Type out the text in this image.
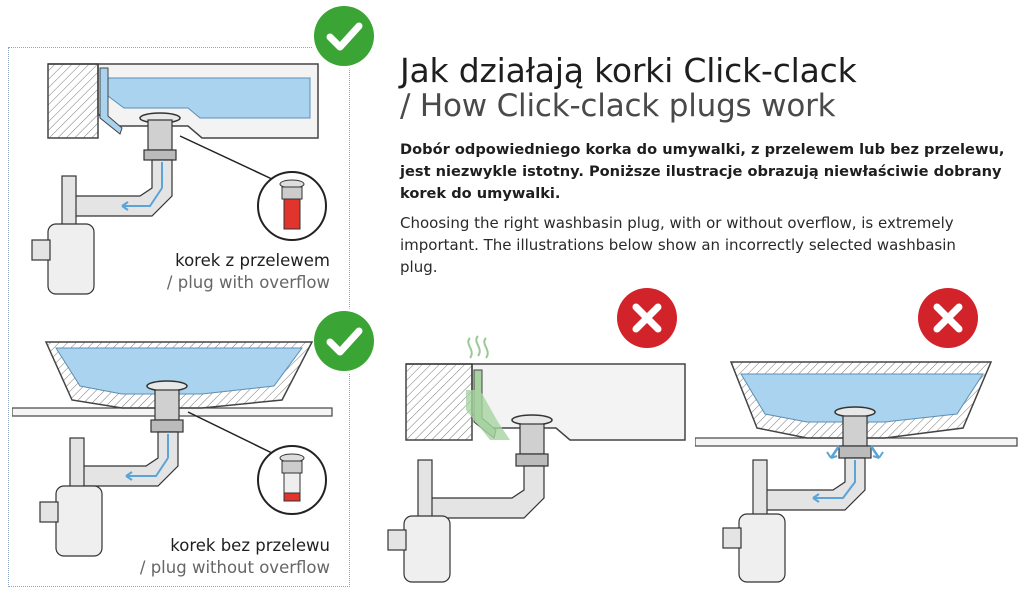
Jak działają korki Click-clack
/ How Click-clack plugs work
Dobór odpowiedniego korka do umywalki, z przelewem lub bez przelewu, jest niezwykle istotny. Poniższe ilustracje obrazują niewłaściwie dobrany korek do umywalki.
Choosing the right washbasin plug, with or without overflow, is extremely important. The illustrations below show an incorrectly selected washbasin plug.
korek z przelewem
/ plug with overflow
korek bez przelewu
/ plug without overflow
